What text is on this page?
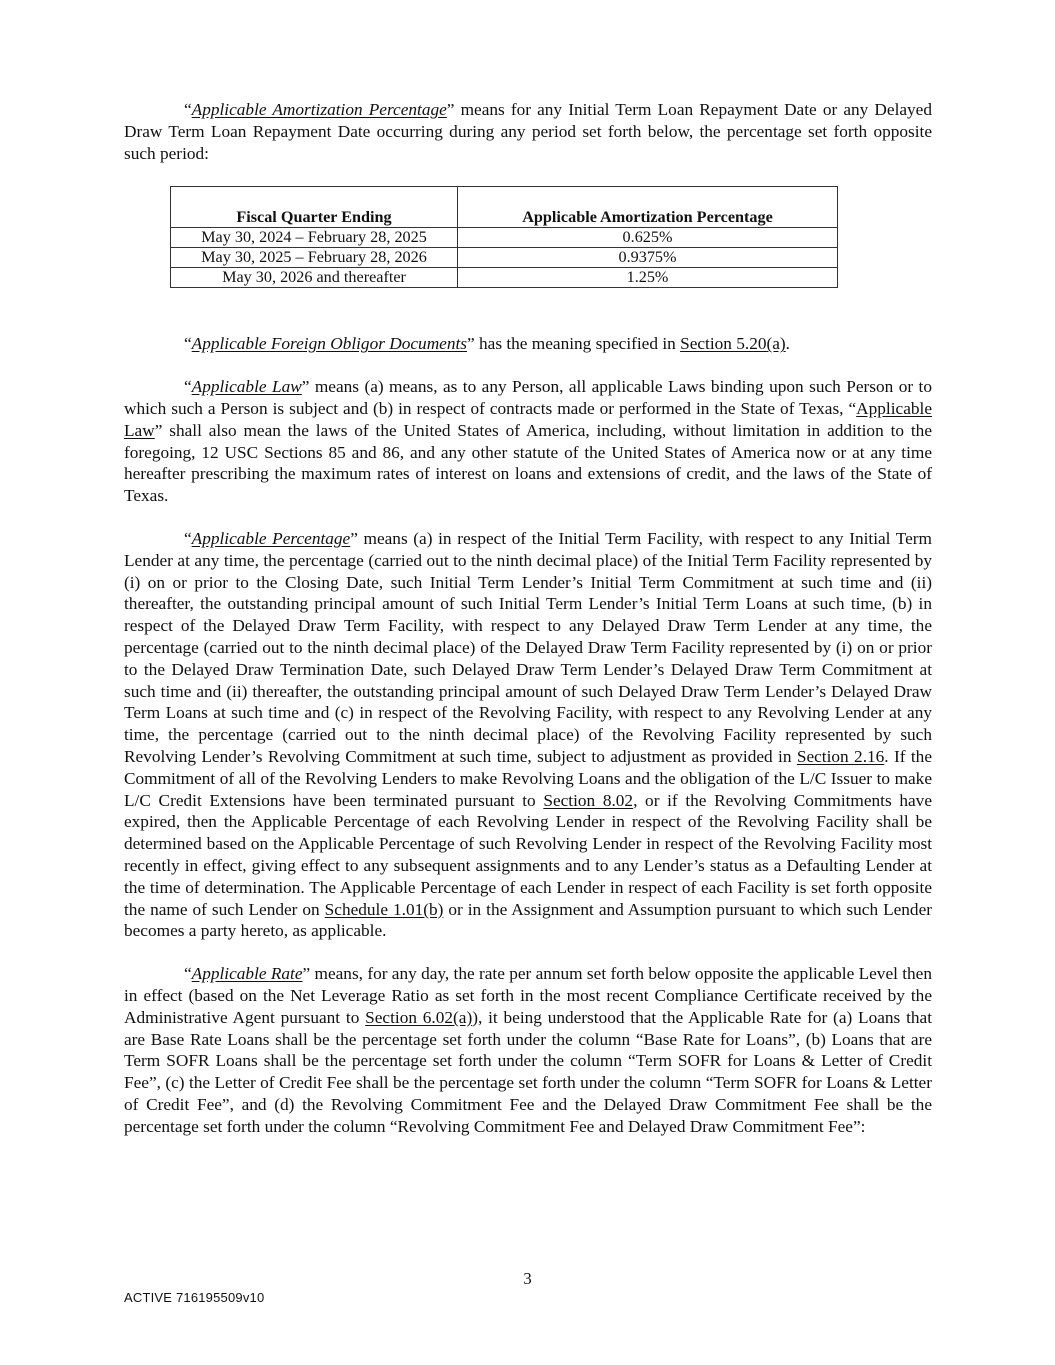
“Applicable Amortization Percentage” means for any Initial Term Loan Repayment Date or any Delayed Draw Term Loan Repayment Date occurring during any period set forth below, the percentage set forth opposite such period:

Fiscal Quarter Ending	Applicable Amortization Percentage
May 30, 2024 – February 28, 2025	0.625%
May 30, 2025 – February 28, 2026	0.9375%
May 30, 2026 and thereafter	1.25%

“Applicable Foreign Obligor Documents” has the meaning specified in Section 5.20(a).

“Applicable Law” means (a) means, as to any Person, all applicable Laws binding upon such Person or to which such a Person is subject and (b) in respect of contracts made or performed in the State of Texas, “Applicable Law” shall also mean the laws of the United States of America, including, without limitation in addition to the foregoing, 12 USC Sections 85 and 86, and any other statute of the United States of America now or at any time hereafter prescribing the maximum rates of interest on loans and extensions of credit, and the laws of the State of Texas.

“Applicable Percentage” means (a) in respect of the Initial Term Facility, with respect to any Initial Term Lender at any time, the percentage (carried out to the ninth decimal place) of the Initial Term Facility represented by (i) on or prior to the Closing Date, such Initial Term Lender’s Initial Term Commitment at such time and (ii) thereafter, the outstanding principal amount of such Initial Term Lender’s Initial Term Loans at such time, (b) in respect of the Delayed Draw Term Facility, with respect to any Delayed Draw Term Lender at any time, the percentage (carried out to the ninth decimal place) of the Delayed Draw Term Facility represented by (i) on or prior to the Delayed Draw Termination Date, such Delayed Draw Term Lender’s Delayed Draw Term Commitment at such time and (ii) thereafter, the outstanding principal amount of such Delayed Draw Term Lender’s Delayed Draw Term Loans at such time and (c) in respect of the Revolving Facility, with respect to any Revolving Lender at any time, the percentage (carried out to the ninth decimal place) of the Revolving Facility represented by such Revolving Lender’s Revolving Commitment at such time, subject to adjustment as provided in Section 2.16. If the Commitment of all of the Revolving Lenders to make Revolving Loans and the obligation of the L/C Issuer to make L/C Credit Extensions have been terminated pursuant to Section 8.02, or if the Revolving Commitments have expired, then the Applicable Percentage of each Revolving Lender in respect of the Revolving Facility shall be determined based on the Applicable Percentage of such Revolving Lender in respect of the Revolving Facility most recently in effect, giving effect to any subsequent assignments and to any Lender’s status as a Defaulting Lender at the time of determination. The Applicable Percentage of each Lender in respect of each Facility is set forth opposite the name of such Lender on Schedule 1.01(b) or in the Assignment and Assumption pursuant to which such Lender becomes a party hereto, as applicable.

“Applicable Rate” means, for any day, the rate per annum set forth below opposite the applicable Level then in effect (based on the Net Leverage Ratio as set forth in the most recent Compliance Certificate received by the Administrative Agent pursuant to Section 6.02(a)), it being understood that the Applicable Rate for (a) Loans that are Base Rate Loans shall be the percentage set forth under the column “Base Rate for Loans”, (b) Loans that are Term SOFR Loans shall be the percentage set forth under the column “Term SOFR for Loans & Letter of Credit Fee”, (c) the Letter of Credit Fee shall be the percentage set forth under the column “Term SOFR for Loans & Letter of Credit Fee”, and (d) the Revolving Commitment Fee and the Delayed Draw Commitment Fee shall be the percentage set forth under the column “Revolving Commitment Fee and Delayed Draw Commitment Fee”:

3
ACTIVE 716195509v10
